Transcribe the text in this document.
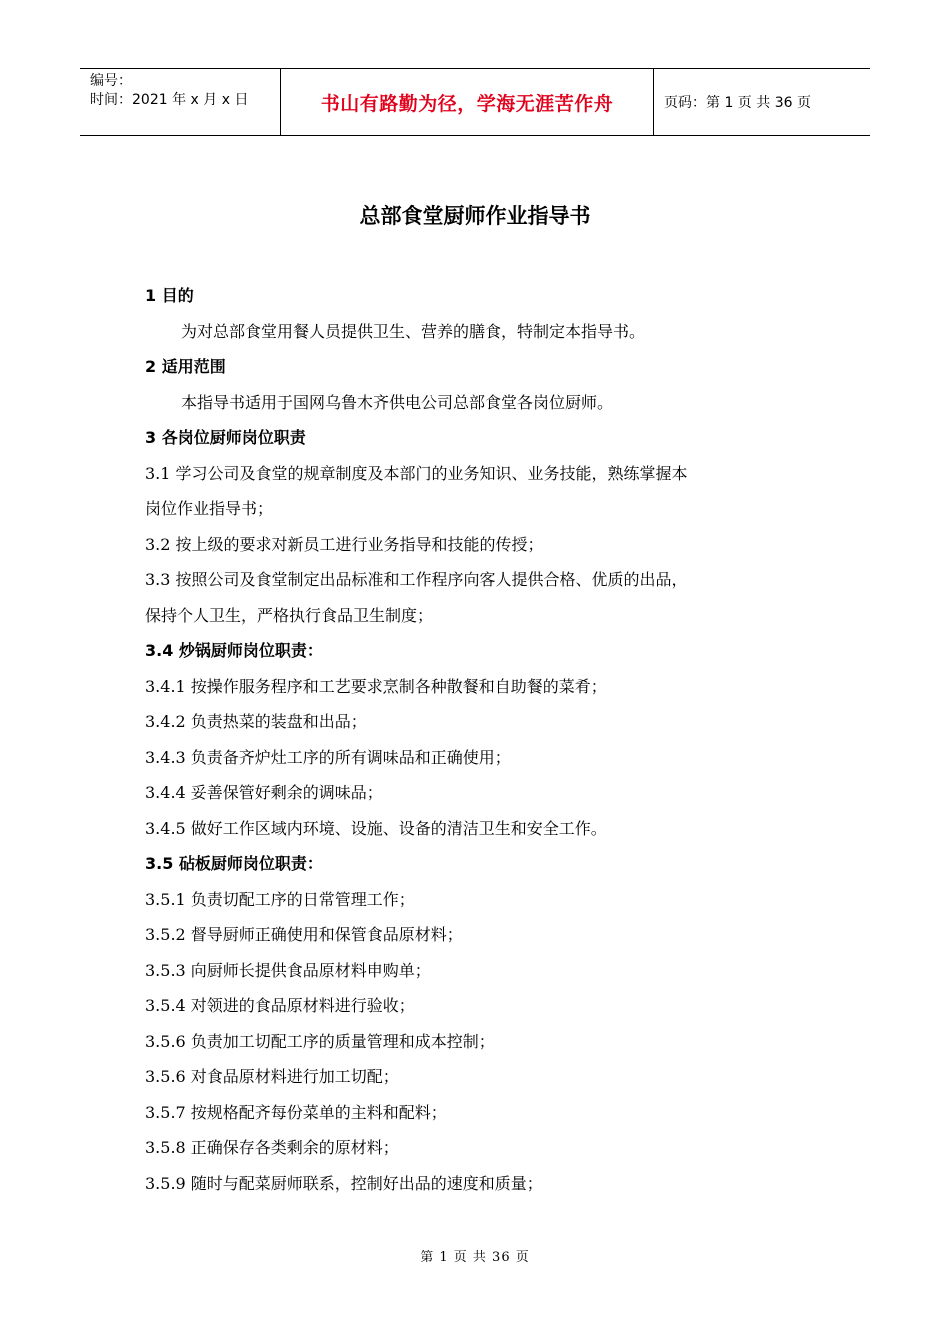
编号：
时间：2021 年 x 月 x 日	书山有路勤为径，学海无涯苦作舟	页码：第 1 页 共 36 页
总部食堂厨师作业指导书
1 目的
为对总部食堂用餐人员提供卫生、营养的膳食，特制定本指导书。
2 适用范围
本指导书适用于国网乌鲁木齐供电公司总部食堂各岗位厨师。
3 各岗位厨师岗位职责
3.1 学习公司及食堂的规章制度及本部门的业务知识、业务技能，熟练掌握本
岗位作业指导书；
3.2 按上级的要求对新员工进行业务指导和技能的传授；
3.3 按照公司及食堂制定出品标准和工作程序向客人提供合格、优质的出品，
保持个人卫生，严格执行食品卫生制度；
3.4 炒锅厨师岗位职责：
3.4.1 按操作服务程序和工艺要求烹制各种散餐和自助餐的菜肴；
3.4.2 负责热菜的装盘和出品；
3.4.3 负责备齐炉灶工序的所有调味品和正确使用；
3.4.4 妥善保管好剩余的调味品；
3.4.5 做好工作区域内环境、设施、设备的清洁卫生和安全工作。
3.5 砧板厨师岗位职责：
3.5.1 负责切配工序的日常管理工作；
3.5.2 督导厨师正确使用和保管食品原材料；
3.5.3 向厨师长提供食品原材料申购单；
3.5.4 对领进的食品原材料进行验收；
3.5.6 负责加工切配工序的质量管理和成本控制；
3.5.6 对食品原材料进行加工切配；
3.5.7 按规格配齐每份菜单的主料和配料；
3.5.8 正确保存各类剩余的原材料；
3.5.9 随时与配菜厨师联系，控制好出品的速度和质量；
第 1 页 共 36 页
